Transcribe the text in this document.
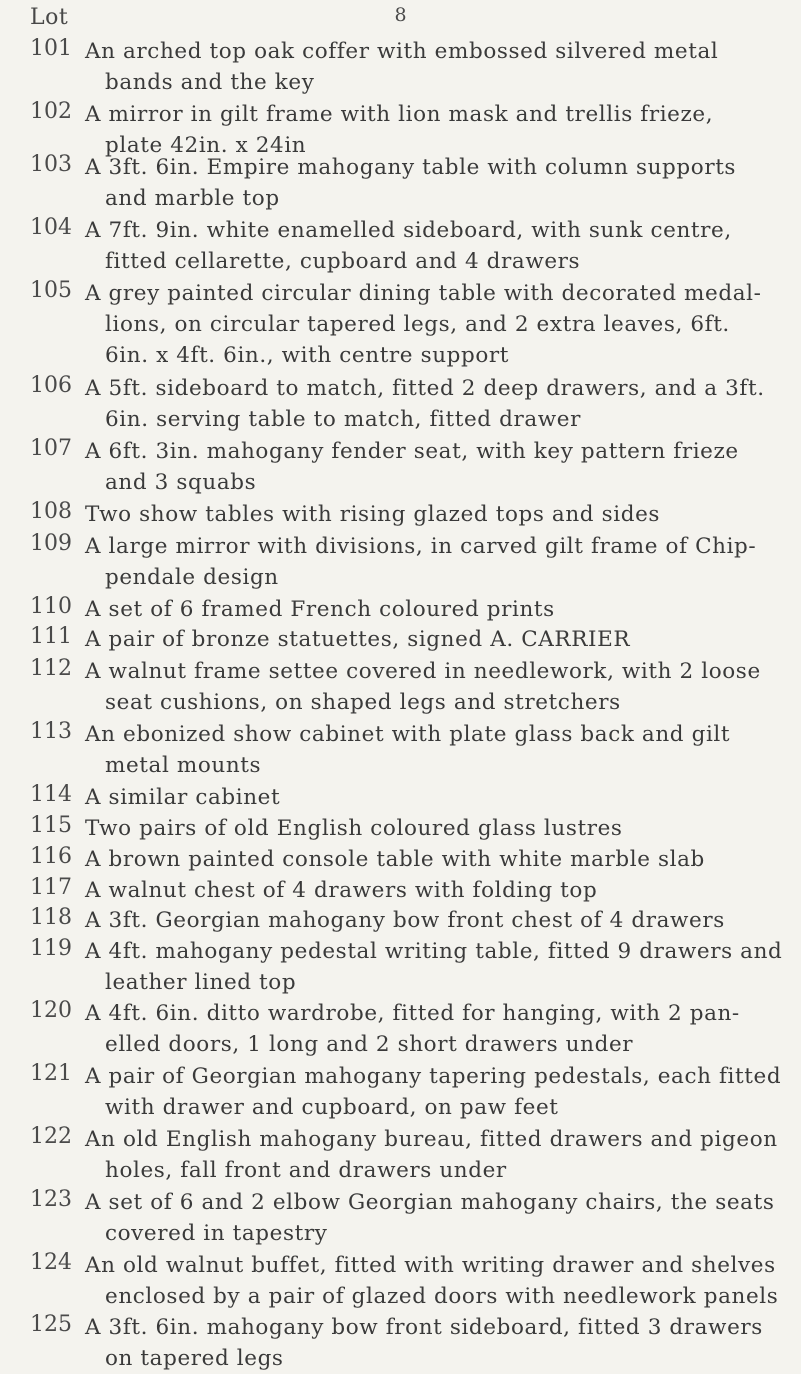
8
Lot
101 An arched top oak coffer with embossed silvered metal
bands and the key
102 A mirror in gilt frame with lion mask and trellis frieze,
plate 42in. x 24in
103 A 3ft. 6in. Empire mahogany table with column supports
and marble top
104 A 7ft. 9in. white enamelled sideboard, with sunk centre,
fitted cellarette, cupboard and 4 drawers
105 A grey painted circular dining table with decorated medal-
lions, on circular tapered legs, and 2 extra leaves, 6ft.
6in. x 4ft. 6in., with centre support
106 A 5ft. sideboard to match, fitted 2 deep drawers, and a 3ft.
6in. serving table to match, fitted drawer
107 A 6ft. 3in. mahogany fender seat, with key pattern frieze
and 3 squabs
108 Two show tables with rising glazed tops and sides
109 A large mirror with divisions, in carved gilt frame of Chip-
pendale design
110 A set of 6 framed French coloured prints
111 A pair of bronze statuettes, signed A. CARRIER
112 A walnut frame settee covered in needlework, with 2 loose
seat cushions, on shaped legs and stretchers
113 An ebonized show cabinet with plate glass back and gilt
metal mounts
114 A similar cabinet
115 Two pairs of old English coloured glass lustres
116 A brown painted console table with white marble slab
117 A walnut chest of 4 drawers with folding top
118 A 3ft. Georgian mahogany bow front chest of 4 drawers
119 A 4ft. mahogany pedestal writing table, fitted 9 drawers and
leather lined top
120 A 4ft. 6in. ditto wardrobe, fitted for hanging, with 2 pan-
elled doors, 1 long and 2 short drawers under
121 A pair of Georgian mahogany tapering pedestals, each fitted
with drawer and cupboard, on paw feet
122 An old English mahogany bureau, fitted drawers and pigeon
holes, fall front and drawers under
123 A set of 6 and 2 elbow Georgian mahogany chairs, the seats
covered in tapestry
124 An old walnut buffet, fitted with writing drawer and shelves
enclosed by a pair of glazed doors with needlework panels
125 A 3ft. 6in. mahogany bow front sideboard, fitted 3 drawers
on tapered legs
